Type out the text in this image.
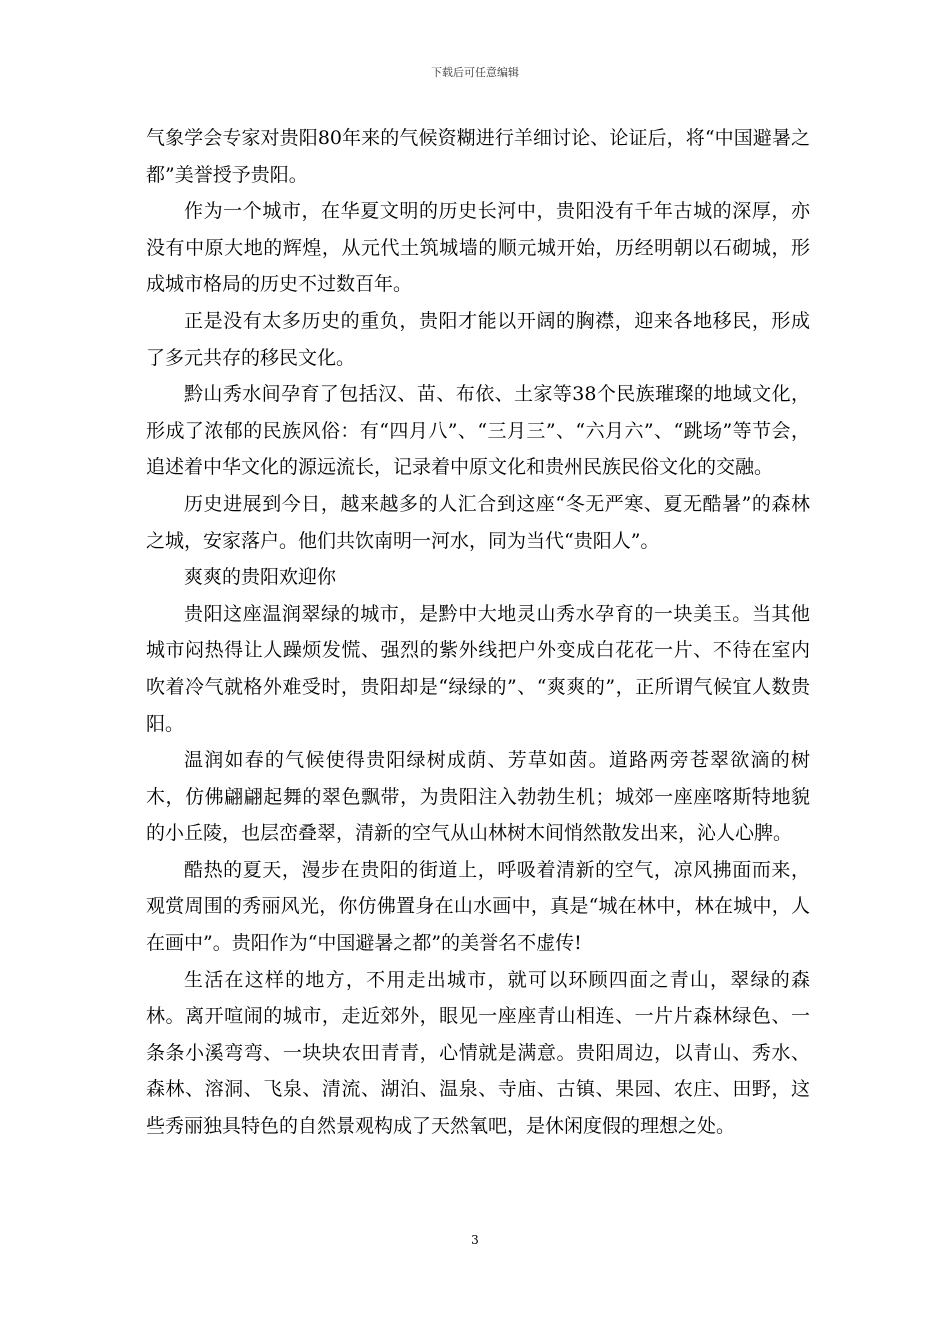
下载后可任意编辑

气象学会专家对贵阳80年来的气候资糊进行羊细讨论、论证后，将“中国避暑之都”美誉授予贵阳。

作为一个城市，在华夏文明的历史长河中，贵阳没有千年古城的深厚，亦没有中原大地的辉煌，从元代土筑城墙的顺元城开始，历经明朝以石砌城，形成城市格局的历史不过数百年。

正是没有太多历史的重负，贵阳才能以开阔的胸襟，迎来各地移民，形成了多元共存的移民文化。

黔山秀水间孕育了包括汉、苗、布依、土家等38个民族璀璨的地域文化，形成了浓郁的民族风俗：有“四月八”、“三月三”、“六月六”、“跳场”等节会，追述着中华文化的源远流长，记录着中原文化和贵州民族民俗文化的交融。

历史进展到今日，越来越多的人汇合到这座“冬无严寒、夏无酷暑”的森林之城，安家落户。他们共饮南明一河水，同为当代“贵阳人”。

爽爽的贵阳欢迎你

贵阳这座温润翠绿的城市，是黔中大地灵山秀水孕育的一块美玉。当其他城市闷热得让人躁烦发慌、强烈的紫外线把户外变成白花花一片、不待在室内吹着冷气就格外难受时，贵阳却是“绿绿的”、“爽爽的”，正所谓气候宜人数贵阳。

温润如春的气候使得贵阳绿树成荫、芳草如茵。道路两旁苍翠欲滴的树木，仿佛翩翩起舞的翠色飘带，为贵阳注入勃勃生机；城郊一座座喀斯特地貌的小丘陵，也层峦叠翠，清新的空气从山林树木间悄然散发出来，沁人心脾。

酷热的夏天，漫步在贵阳的街道上，呼吸着清新的空气，凉风拂面而来，观赏周围的秀丽风光，你仿佛置身在山水画中，真是“城在林中，林在城中，人在画中”。贵阳作为“中国避暑之都”的美誉名不虚传!

生活在这样的地方，不用走出城市，就可以环顾四面之青山，翠绿的森林。离开喧闹的城市，走近郊外，眼见一座座青山相连、一片片森林绿色、一条条小溪弯弯、一块块农田青青，心情就是满意。贵阳周边，以青山、秀水、森林、溶洞、飞泉、清流、湖泊、温泉、寺庙、古镇、果园、农庄、田野，这些秀丽独具特色的自然景观构成了天然氧吧，是休闲度假的理想之处。

3
